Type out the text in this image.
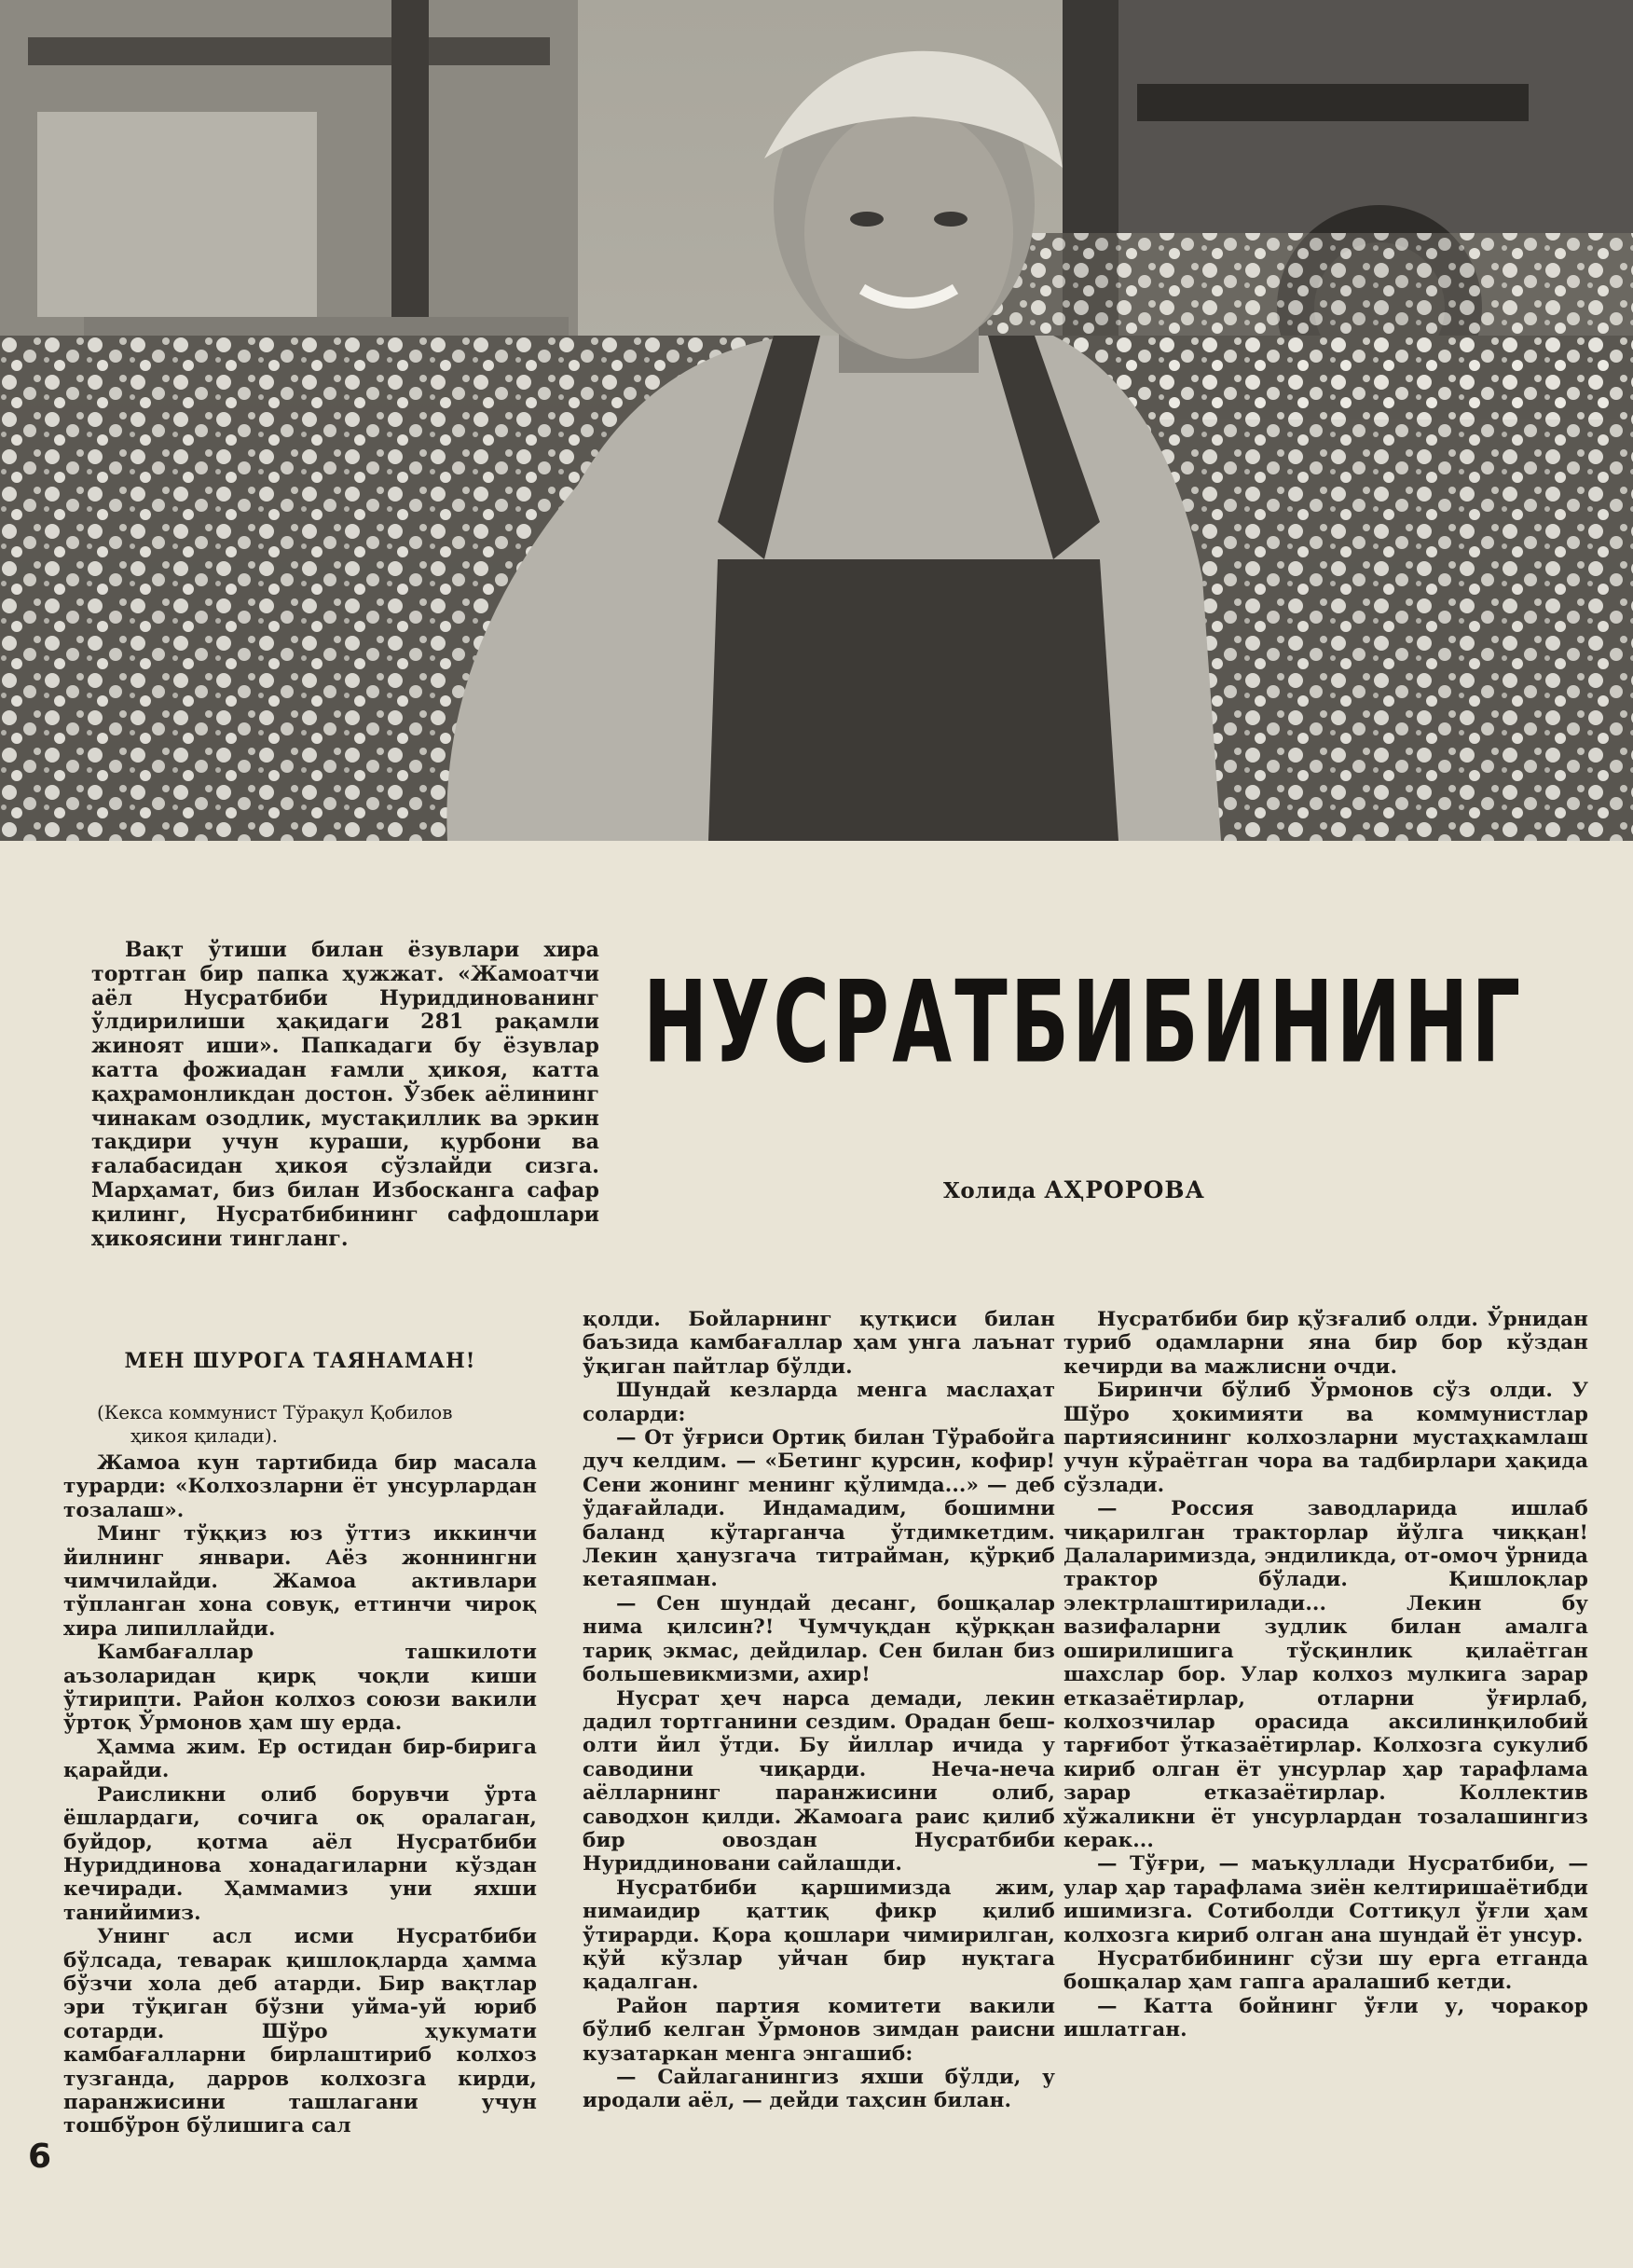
Вақт ўтиши билан ёзувлари хира тортган бир папка ҳужжат. «Жамоатчи аёл Нусратбиби Нуриддинованинг ўлдирилиши ҳақидаги 281 рақамли жиноят иши». Папкадаги бу ёзувлар катта фожиадан ғамли ҳикоя, катта қаҳрамонликдан достон. Ўзбек аёлининг чинакам озодлик, мустақиллик ва эркин тақдири учун кураши, қурбони ва ғалабасидан ҳикоя сўзлайди сизга. Марҳамат, биз билан Избосканга сафар қилинг, Нусратбибининг сафдошлари ҳикоясини тингланг.

НУСРАТБИБИНИНГ
Холида АҲРОРОВА
МЕН ШУРОГА ТАЯНАМАН!
(Кекса коммунист Тўрақул Қобилов
ҳикоя қилади).

Жамоа кун тартибида бир масала турарди: «Колхозларни ёт унсурлардан тозалаш».

Минг тўққиз юз ўттиз иккинчи йилнинг январи. Аёз жоннингни чимчилайди. Жамоа активлари тўпланган хона совуқ, еттинчи чироқ хира липиллайди.

Камбағаллар ташкилоти аъзоларидан қирқ чоқли киши ўтирипти. Район колхоз союзи вакили ўртоқ Ўрмонов ҳам шу ерда.

Ҳамма жим. Ер остидан бир-бирига қарайди.

Раисликни олиб борувчи ўрта ёшлардаги, сочига оқ оралаган, буйдор, қотма аёл Нусратбиби Нуриддинова хонадагиларни кўздан кечиради. Ҳаммамиз уни яхши танийимиз.

Унинг асл исми Нусратбиби бўлсада, теварак қишлоқларда ҳамма бўзчи хола деб атарди. Бир вақтлар эри тўқиган бўзни уйма-уй юриб сотарди. Шўро ҳукумати камбағалларни бирлаштириб колхоз тузганда, дарров колхозга кирди, паранжисини ташлагани учун тошбўрон бўлишига сал

қолди. Бойларнинг қутқиси билан баъзида камбағаллар ҳам унга лаънат ўқиган пайтлар бўлди.

Шундай кезларда менга маслаҳат соларди:

— От ўғриси Ортиқ билан Тўрабойга дуч келдим. — «Бетинг қурсин, кофир! Сени жонинг менинг қўлимда...» — деб ўдағайлади. Индамадим, бошимни баланд кўтарганча ўтдимкетдим. Лекин ҳанузгача титрайман, қўрқиб кетаяпман.

— Сен шундай десанг, бошқалар нима қилсин?! Чумчуқдан қўрққан тариқ экмас, дейдилар. Сен билан биз большевикмизми, ахир!

Нусрат ҳеч нарса демади, лекин дадил тортганини сездим. Орадан беш-олти йил ўтди. Бу йиллар ичида у саводини чиқарди. Неча-неча аёлларнинг паранжисини олиб, саводхон қилди. Жамоага раис қилиб бир овоздан Нусратбиби Нуриддиновани сайлашди.

Нусратбиби қаршимизда жим, нимаидир қаттиқ фикр қилиб ўтирарди. Қора қошлари чимирилган, қўй кўзлар уйчан бир нуқтага қадалган.

Район партия комитети вакили бўлиб келган Ўрмонов зимдан раисни кузатаркан менга энгашиб:

— Сайлаганингиз яхши бўлди, у иродали аёл, — дейди таҳсин билан.

Нусратбиби бир қўзғалиб олди. Ўрнидан туриб одамларни яна бир бор кўздан кечирди ва мажлисни очди.

Биринчи бўлиб Ўрмонов сўз олди. У Шўро ҳокимияти ва коммунистлар партиясининг колхозларни мустаҳкамлаш учун кўраётган чора ва тадбирлари ҳақида сўзлади.

— Россия заводларида ишлаб чиқарилган тракторлар йўлга чиққан! Далаларимизда, эндиликда, от-омоч ўрнида трактор бўлади. Қишлоқлар электрлаштирилади... Лекин бу вазифаларни зудлик билан амалга оширилишига тўсқинлик қилаётган шахслар бор. Улар колхоз мулкига зарар етказаётирлар, отларни ўғирлаб, колхозчилар орасида аксилинқилобий тарғибот ўтказаётирлар. Колхозга сукулиб кириб олган ёт унсурлар ҳар тарафлама зарар етказаётирлар. Коллектив хўжаликни ёт унсурлардан тозалашингиз керак...

— Тўғри, — маъқуллади Нусратбиби, — улар ҳар тарафлама зиён келтиришаётибди ишимизга. Сотиболди Соттиқул ўғли ҳам колхозга кириб олган ана шундай ёт унсур.

Нусратбибининг сўзи шу ерга етганда бошқалар ҳам гапга аралашиб кетди.

— Катта бойнинг ўғли у, чоракор ишлатган.

6
